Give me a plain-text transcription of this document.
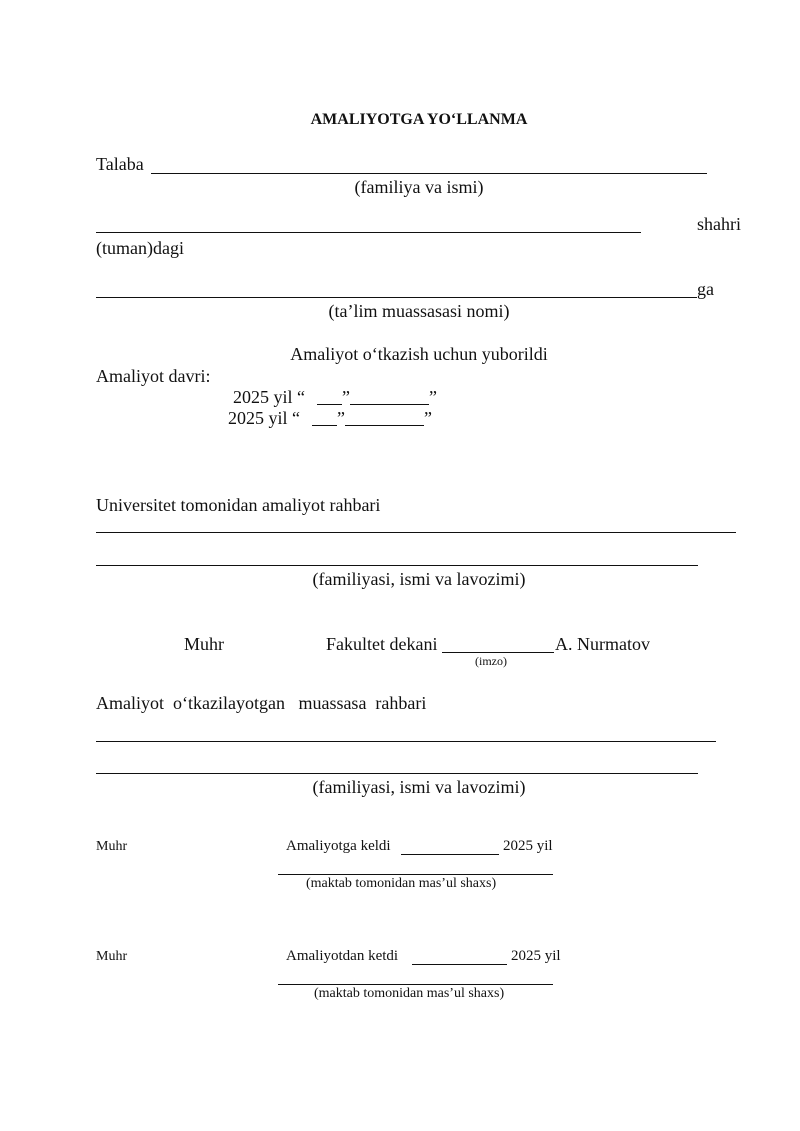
AMALIYOTGA YO‘LLANMA
Talaba
(familiya va ismi)
shahri
(tuman)dagi
ga
(ta’lim muassasasi nomi)
Amaliyot o‘tkazish uchun yuborildi
Amaliyot davri:
2025 yil “ ”	”
2025 yil “ ”	”
Universitet tomonidan amaliyot rahbari
(familiyasi, ismi va lavozimi)
Muhr	Fakultet dekani	A. Nurmatov
(imzo)
Amaliyot  o‘tkazilayotgan   muassasa  rahbari
(familiyasi, ismi va lavozimi)
Muhr	Amaliyotga keldi	2025 yil
(maktab tomonidan mas’ul shaxs)
Muhr	Amaliyotdan ketdi	2025 yil
(maktab tomonidan mas’ul shaxs)
